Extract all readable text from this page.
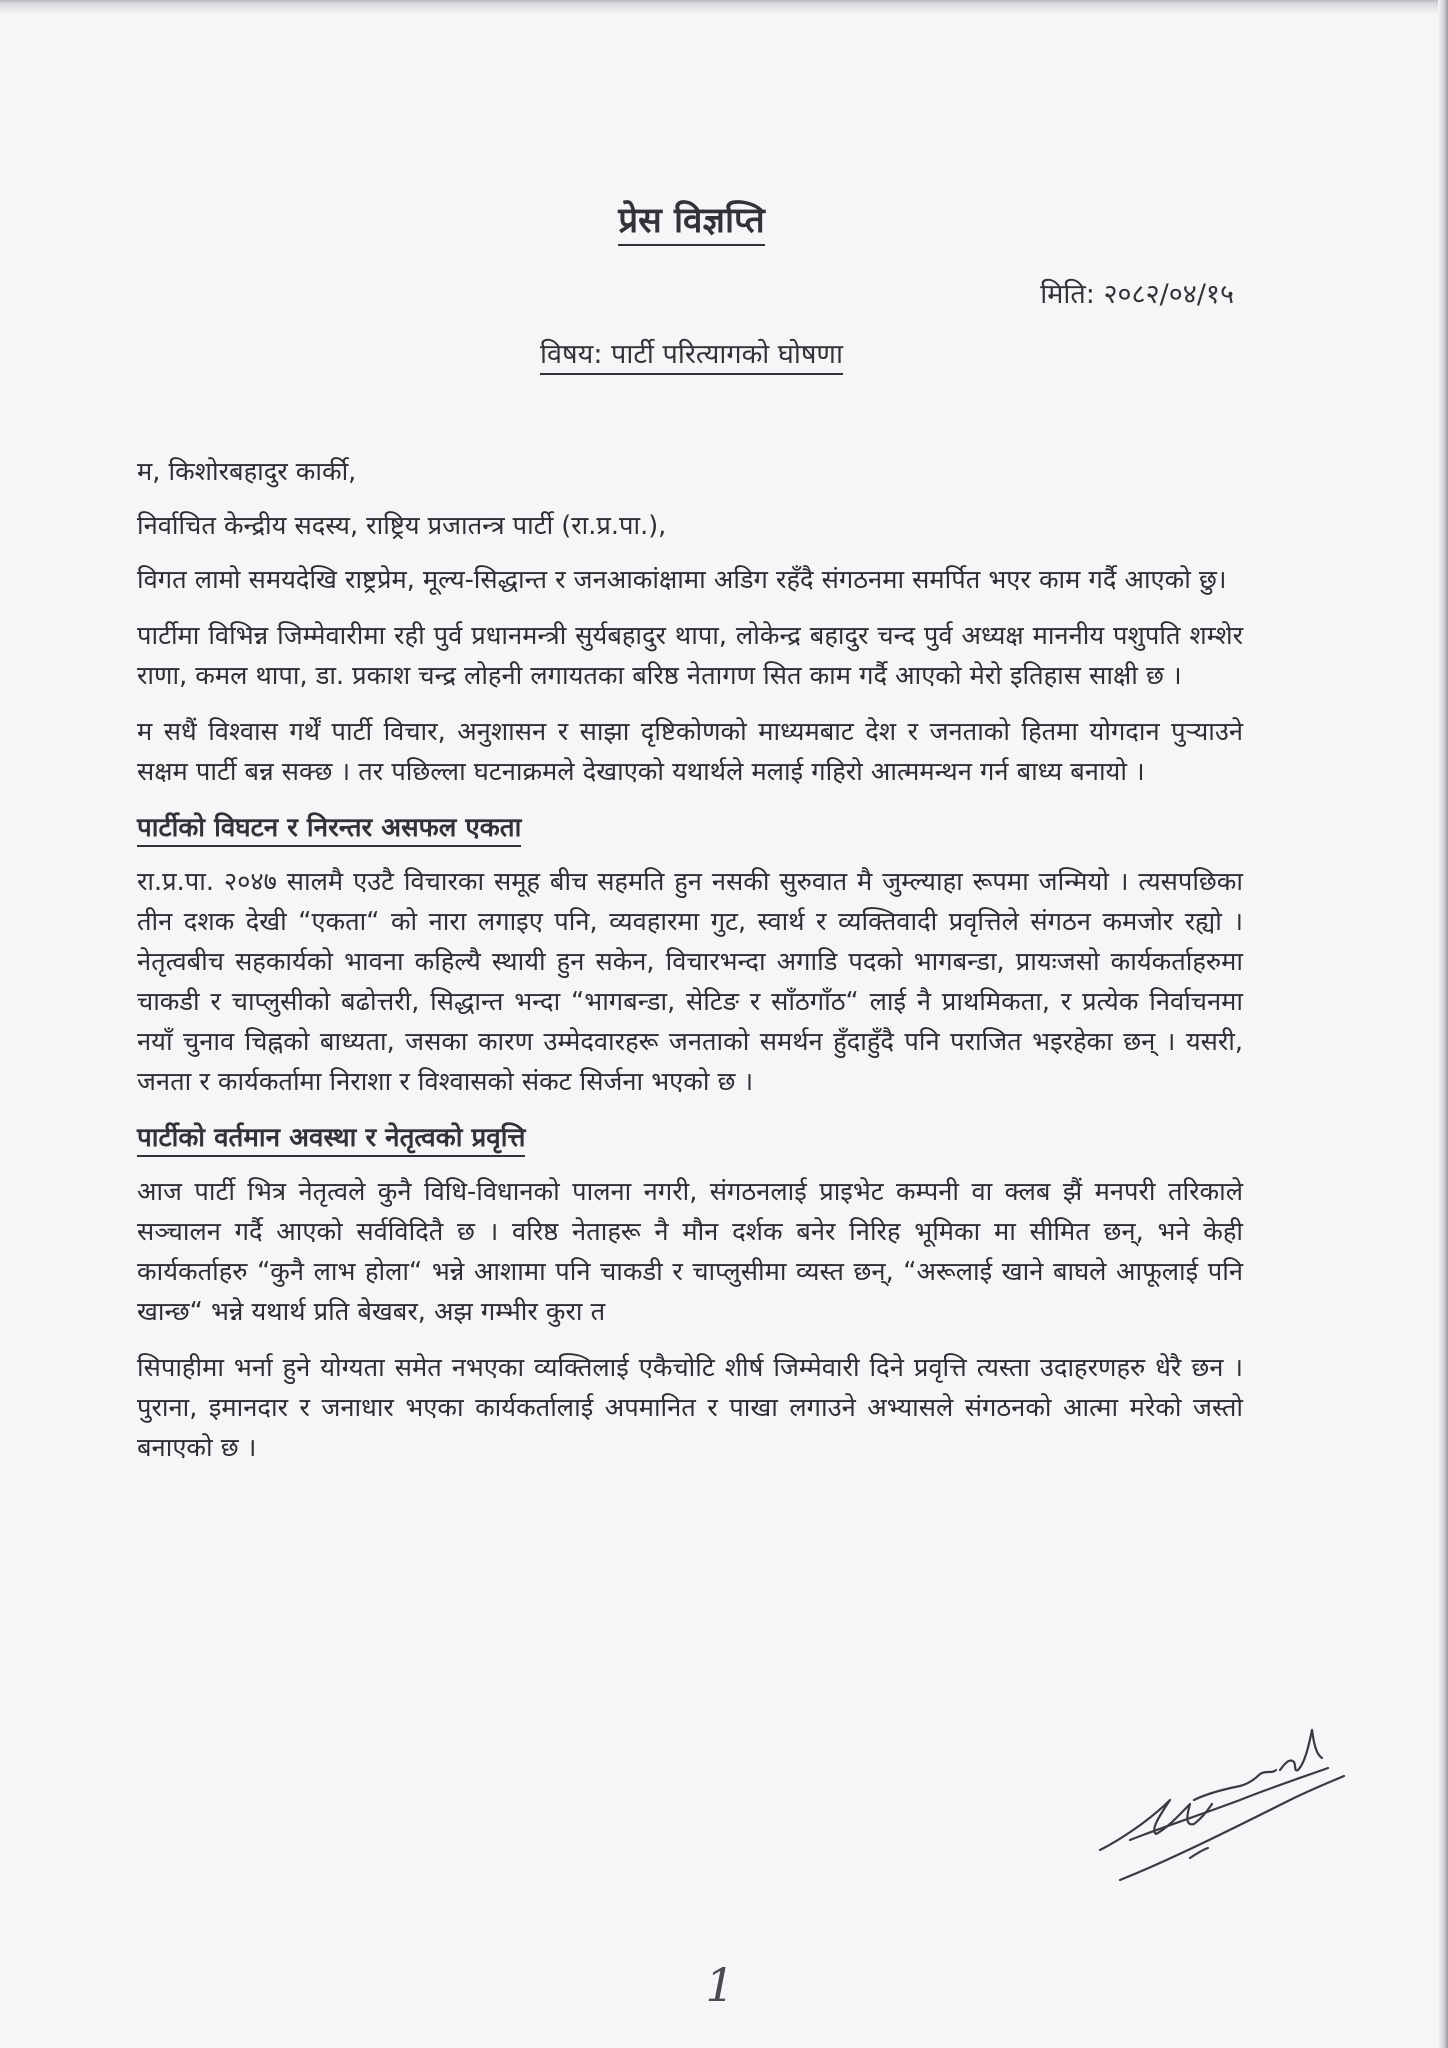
प्रेस विज्ञप्ति
मिति: २०८२/०४/१५
विषय: पार्टी परित्यागको घोषणा

म, किशोरबहादुर कार्की,

निर्वाचित केन्द्रीय सदस्य, राष्ट्रिय प्रजातन्त्र पार्टी (रा.प्र.पा.),

विगत लामो समयदेखि राष्ट्रप्रेम, मूल्य-सिद्धान्त र जनआकांक्षामा अडिग रहँदै संगठनमा समर्पित भएर काम गर्दै आएको छु।

पार्टीमा विभिन्न जिम्मेवारीमा रही पुर्व प्रधानमन्त्री सुर्यबहादुर थापा, लोकेन्द्र बहादुर चन्द पुर्व अध्यक्ष माननीय पशुपति शम्शेर राणा, कमल थापा, डा. प्रकाश चन्द्र लोहनी लगायतका बरिष्ठ नेतागण सित काम गर्दै आएको मेरो इतिहास साक्षी छ ।

म सधैं विश्वास गर्थें पार्टी विचार, अनुशासन र साझा दृष्टिकोणको माध्यमबाट देश र जनताको हितमा योगदान पुऱ्याउने सक्षम पार्टी बन्न सक्छ । तर पछिल्ला घटनाक्रमले देखाएको यथार्थले मलाई गहिरो आत्ममन्थन गर्न बाध्य बनायो ।

पार्टीको विघटन र निरन्तर असफल एकता

रा.प्र.पा. २०४७ सालमै एउटै विचारका समूह बीच सहमति हुन नसकी सुरुवात मै जुम्ल्याहा रूपमा जन्मियो । त्यसपछिका तीन दशक देखी “एकता“ को नारा लगाइए पनि, व्यवहारमा गुट, स्वार्थ र व्यक्तिवादी प्रवृत्तिले संगठन कमजोर रह्यो । नेतृत्वबीच सहकार्यको भावना कहिल्यै स्थायी हुन सकेन, विचारभन्दा अगाडि पदको भागबन्डा, प्रायःजसो कार्यकर्ताहरुमा चाकडी र चाप्लुसीको बढोत्तरी, सिद्धान्त भन्दा “भागबन्डा, सेटिङ र साँठगाँठ“ लाई नै प्राथमिकता, र प्रत्येक निर्वाचनमा नयाँ चुनाव चिह्नको बाध्यता, जसका कारण उम्मेदवारहरू जनताको समर्थन हुँदाहुँदै पनि पराजित भइरहेका छन् । यसरी, जनता र कार्यकर्तामा निराशा र विश्वासको संकट सिर्जना भएको छ ।

पार्टीको वर्तमान अवस्था र नेतृत्वको प्रवृत्ति

आज पार्टी भित्र नेतृत्वले कुनै विधि-विधानको पालना नगरी, संगठनलाई प्राइभेट कम्पनी वा क्लब झैं मनपरी तरिकाले सञ्चालन गर्दै आएको सर्वविदितै छ । वरिष्ठ नेताहरू नै मौन दर्शक बनेर निरिह भूमिका मा सीमित छन्, भने केही कार्यकर्ताहरु “कुनै लाभ होला“ भन्ने आशामा पनि चाकडी र चाप्लुसीमा व्यस्त छन्, “अरूलाई खाने बाघले आफूलाई पनि खान्छ“ भन्ने यथार्थ प्रति बेखबर, अझ गम्भीर कुरा त

सिपाहीमा भर्ना हुने योग्यता समेत नभएका व्यक्तिलाई एकैचोटि शीर्ष जिम्मेवारी दिने प्रवृत्ति त्यस्ता उदाहरणहरु धेरै छन । पुराना, इमानदार र जनाधार भएका कार्यकर्तालाई अपमानित र पाखा लगाउने अभ्यासले संगठनको आत्मा मरेको जस्तो बनाएको छ ।

1
